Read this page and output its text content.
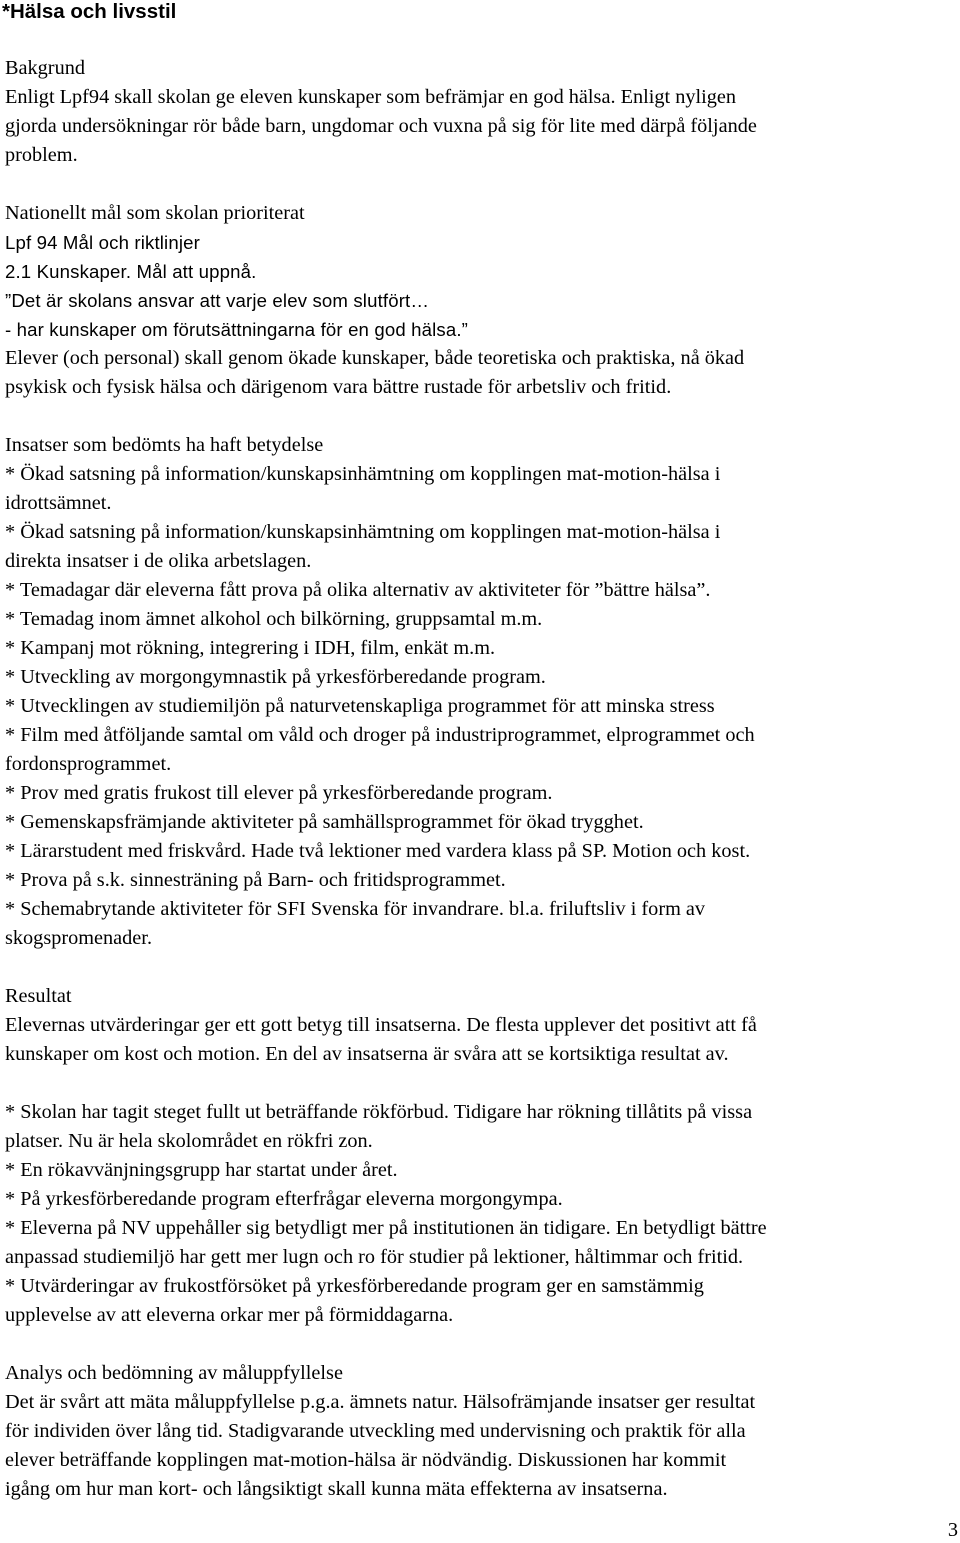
*Hälsa och livsstil
Bakgrund
Enligt Lpf94 skall skolan ge eleven kunskaper som befrämjar en god hälsa. Enligt nyligen
gjorda undersökningar rör både barn, ungdomar och vuxna på sig för lite med därpå följande
problem.
Nationellt mål som skolan prioriterat
Lpf 94 Mål och riktlinjer
2.1 Kunskaper. Mål att uppnå.
”Det är skolans ansvar att varje elev som slutfört…
- har kunskaper om förutsättningarna för en god hälsa.”
Elever (och personal) skall genom ökade kunskaper, både teoretiska och praktiska, nå ökad
psykisk och fysisk hälsa och därigenom vara bättre rustade för arbetsliv och fritid.
Insatser som bedömts ha haft betydelse
* Ökad satsning på information/kunskapsinhämtning om kopplingen mat-motion-hälsa i
idrottsämnet.
* Ökad satsning på information/kunskapsinhämtning om kopplingen mat-motion-hälsa i
direkta insatser i de olika arbetslagen.
* Temadagar där eleverna fått prova på olika alternativ av aktiviteter för ”bättre hälsa”.
* Temadag inom ämnet alkohol och bilkörning, gruppsamtal m.m.
* Kampanj mot rökning, integrering i IDH, film, enkät m.m.
* Utveckling av morgongymnastik på yrkesförberedande program.
* Utvecklingen av studiemiljön på naturvetenskapliga programmet för att minska stress
* Film med åtföljande samtal om våld och droger på industriprogrammet, elprogrammet och
fordonsprogrammet.
* Prov med gratis frukost till elever på yrkesförberedande program.
* Gemenskapsfrämjande aktiviteter på samhällsprogrammet för ökad trygghet.
* Lärarstudent med friskvård. Hade två lektioner med vardera klass på SP. Motion och kost.
* Prova på s.k. sinnesträning på Barn- och fritidsprogrammet.
* Schemabrytande aktiviteter för SFI Svenska för invandrare. bl.a. friluftsliv i form av
skogspromenader.
Resultat
Elevernas utvärderingar ger ett gott betyg till insatserna. De flesta upplever det positivt att få
kunskaper om kost och motion. En del av insatserna är svåra att se kortsiktiga resultat av.
* Skolan har tagit steget fullt ut beträffande rökförbud. Tidigare har rökning tillåtits på vissa
platser. Nu är hela skolområdet en rökfri zon.
* En rökavvänjningsgrupp har startat under året.
* På yrkesförberedande program efterfrågar eleverna morgongympa.
* Eleverna på NV uppehåller sig betydligt mer på institutionen än tidigare. En betydligt bättre
anpassad studiemiljö har gett mer lugn och ro för studier på lektioner, håltimmar och fritid.
* Utvärderingar av frukostförsöket på yrkesförberedande program ger en samstämmig
upplevelse av att eleverna orkar mer på förmiddagarna.
Analys och bedömning av måluppfyllelse
Det är svårt att mäta måluppfyllelse p.g.a. ämnets natur. Hälsofrämjande insatser ger resultat
för individen över lång tid. Stadigvarande utveckling med undervisning och praktik för alla
elever beträffande kopplingen mat-motion-hälsa är nödvändig. Diskussionen har kommit
igång om hur man kort- och långsiktigt skall kunna mäta effekterna av insatserna.

3
